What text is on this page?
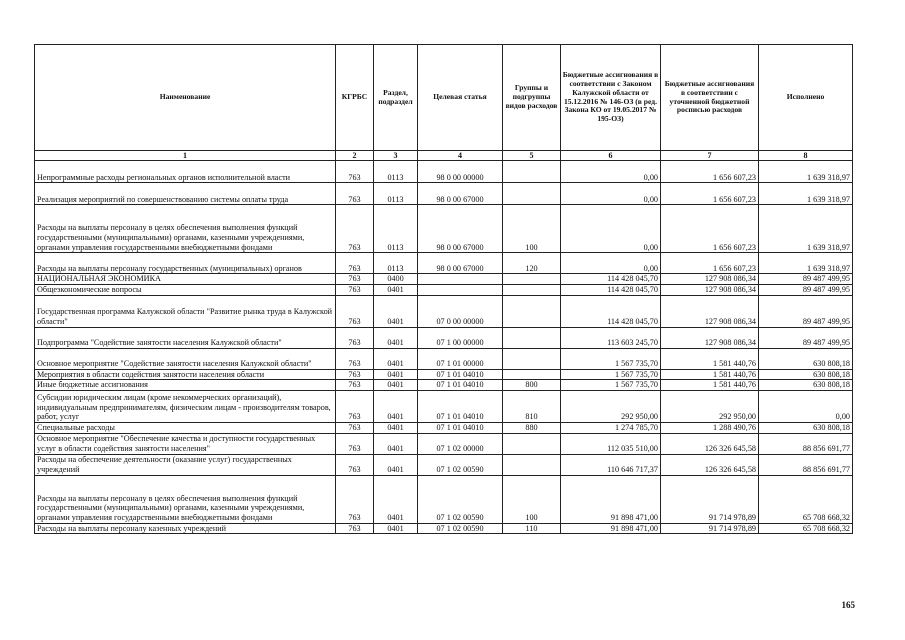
Наименование	КГРБС	Раздел, подраздел	Целевая статья	Группы и подгруппы видов расходов	Бюджетные ассигнования в соответствии с Законом Калужской области от 15.12.2016 № 146-ОЗ (в ред. Закона КО от 19.05.2017 № 195-ОЗ)	Бюджетные ассигнования в соответствии с уточненной бюджетной росписью расходов	Исполнено
1	2	3	4	5	6	7	8
Непрограммные расходы региональных органов исполнительной власти	763	0113	98 0 00 00000		0,00	1 656 607,23	1 639 318,97
Реализация мероприятий по совершенствованию системы оплаты труда	763	0113	98 0 00 67000		0,00	1 656 607,23	1 639 318,97
Расходы на выплаты персоналу в целях обеспечения выполнения функций государственными (муниципальными) органами, казенными учреждениями, органами управления государственными внебюджетными фондами	763	0113	98 0 00 67000	100	0,00	1 656 607,23	1 639 318,97
Расходы на выплаты персоналу государственных (муниципальных) органов	763	0113	98 0 00 67000	120	0,00	1 656 607,23	1 639 318,97
НАЦИОНАЛЬНАЯ ЭКОНОМИКА	763	0400			114 428 045,70	127 908 086,34	89 487 499,95
Общеэкономические вопросы	763	0401			114 428 045,70	127 908 086,34	89 487 499,95
Государственная программа Калужской области "Развитие рынка труда в Калужской области"	763	0401	07 0 00 00000		114 428 045,70	127 908 086,34	89 487 499,95
Подпрограмма "Содействие занятости населения Калужской области"	763	0401	07 1 00 00000		113 603 245,70	127 908 086,34	89 487 499,95
Основное мероприятие "Содействие занятости населения Калужской области"	763	0401	07 1 01 00000		1 567 735,70	1 581 440,76	630 808,18
Мероприятия в области содействия занятости населения области	763	0401	07 1 01 04010		1 567 735,70	1 581 440,76	630 808,18
Иные бюджетные ассигнования	763	0401	07 1 01 04010	800	1 567 735,70	1 581 440,76	630 808,18
Субсидии юридическим лицам (кроме некоммерческих организаций), индивидуальным предпринимателям, физическим лицам - производителям товаров, работ, услуг	763	0401	07 1 01 04010	810	292 950,00	292 950,00	0,00
Специальные расходы	763	0401	07 1 01 04010	880	1 274 785,70	1 288 490,76	630 808,18
Основное мероприятие "Обеспечение качества и доступности государственных услуг в области содействия занятости населения"	763	0401	07 1 02 00000		112 035 510,00	126 326 645,58	88 856 691,77
Расходы на обеспечение деятельности (оказание услуг) государственных учреждений	763	0401	07 1 02 00590		110 646 717,37	126 326 645,58	88 856 691,77
Расходы на выплаты персоналу в целях обеспечения выполнения функций государственными (муниципальными) органами, казенными учреждениями, органами управления государственными внебюджетными фондами	763	0401	07 1 02 00590	100	91 898 471,00	91 714 978,89	65 708 668,32
Расходы на выплаты персоналу казенных учреждений	763	0401	07 1 02 00590	110	91 898 471,00	91 714 978,89	65 708 668,32
165
